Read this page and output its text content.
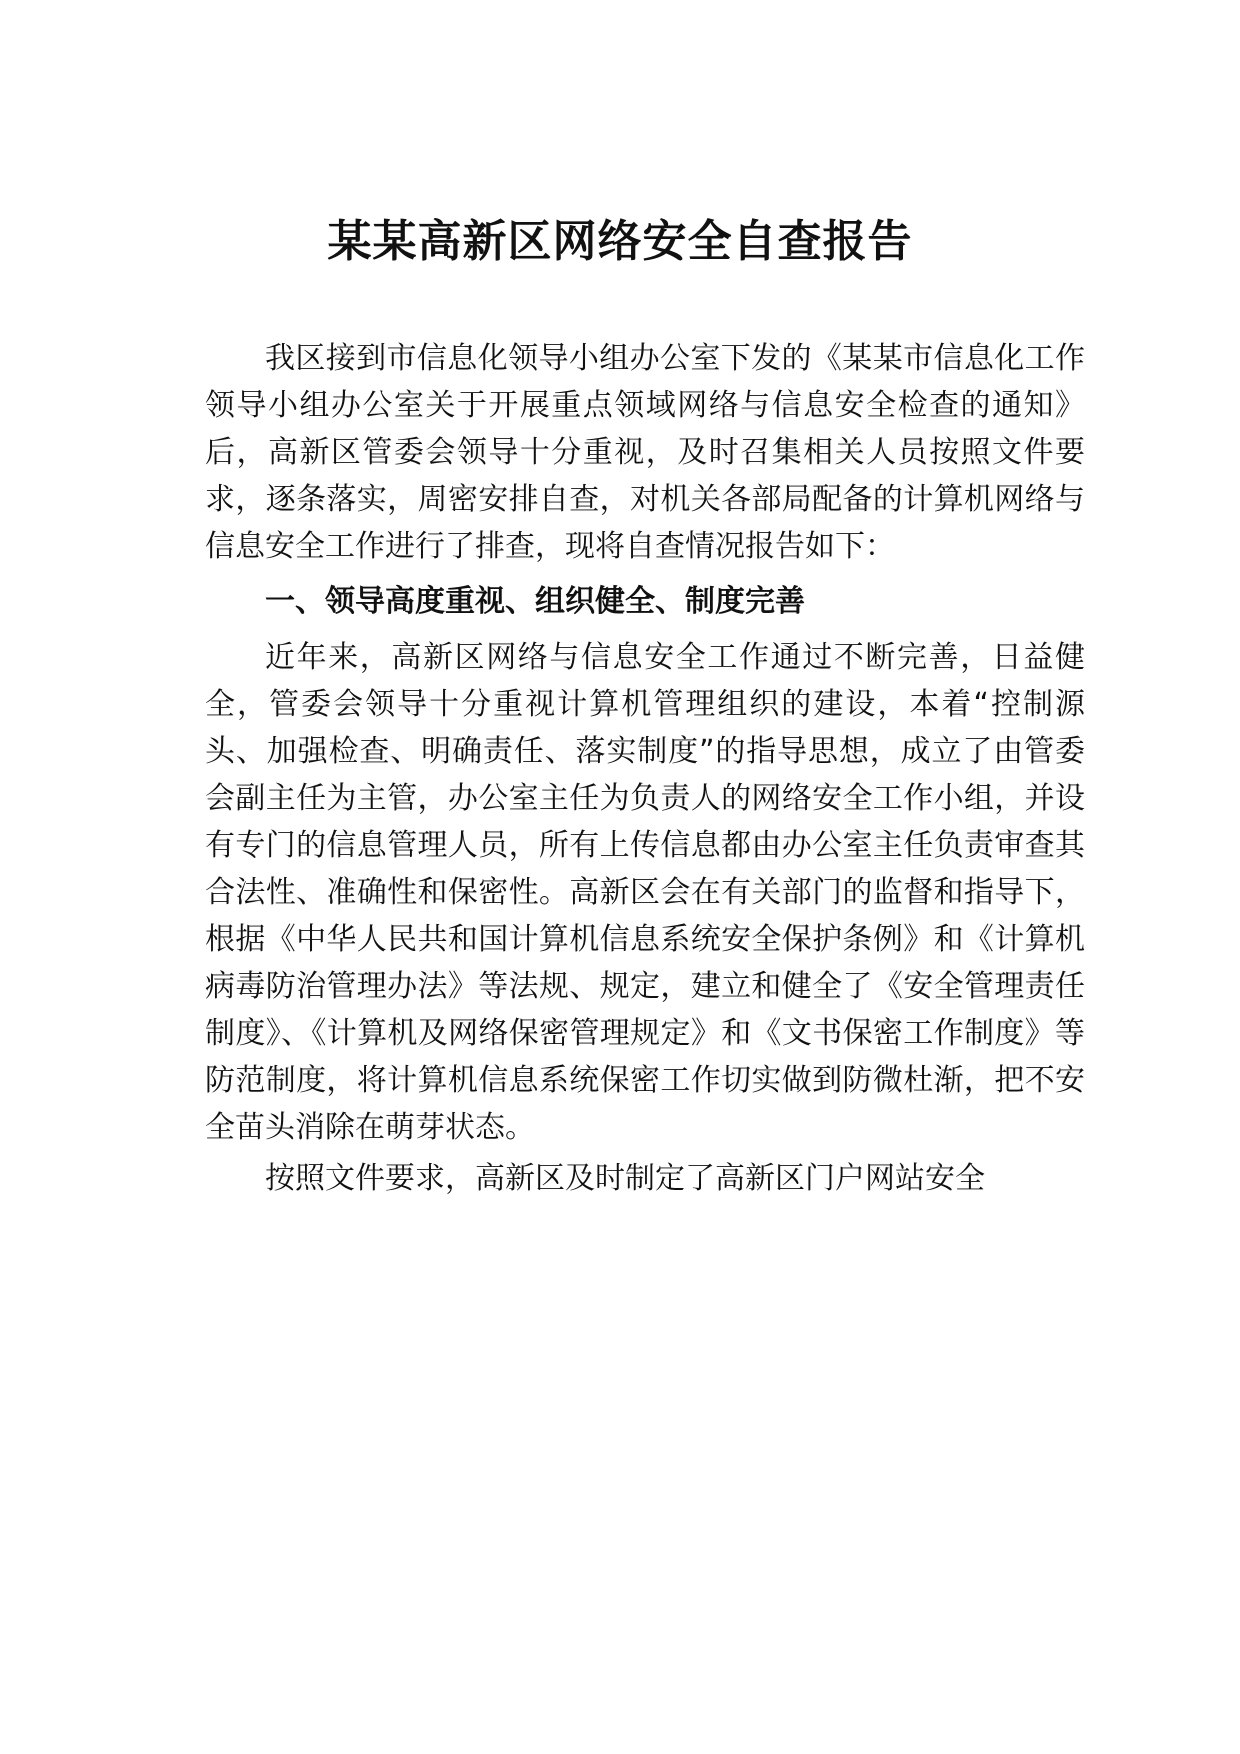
某某高新区网络安全自查报告

我区接到市信息化领导小组办公室下发的《某某市信息化工作领导小组办公室关于开展重点领域网络与信息安全检查的通知》后，高新区管委会领导十分重视，及时召集相关人员按照文件要求，逐条落实，周密安排自查，对机关各部局配备的计算机网络与信息安全工作进行了排查，现将自查情况报告如下：

一、领导高度重视、组织健全、制度完善

近年来，高新区网络与信息安全工作通过不断完善，日益健全，管委会领导十分重视计算机管理组织的建设，本着“控制源头、加强检查、明确责任、落实制度”的指导思想，成立了由管委会副主任为主管，办公室主任为负责人的网络安全工作小组，并设有专门的信息管理人员，所有上传信息都由办公室主任负责审查其合法性、准确性和保密性。高新区会在有关部门的监督和指导下，根据《中华人民共和国计算机信息系统安全保护条例》和《计算机病毒防治管理办法》等法规、规定，建立和健全了《安全管理责任制度》、《计算机及网络保密管理规定》和《文书保密工作制度》等防范制度，将计算机信息系统保密工作切实做到防微杜渐，把不安全苗头消除在萌芽状态。

按照文件要求，高新区及时制定了高新区门户网站安全
